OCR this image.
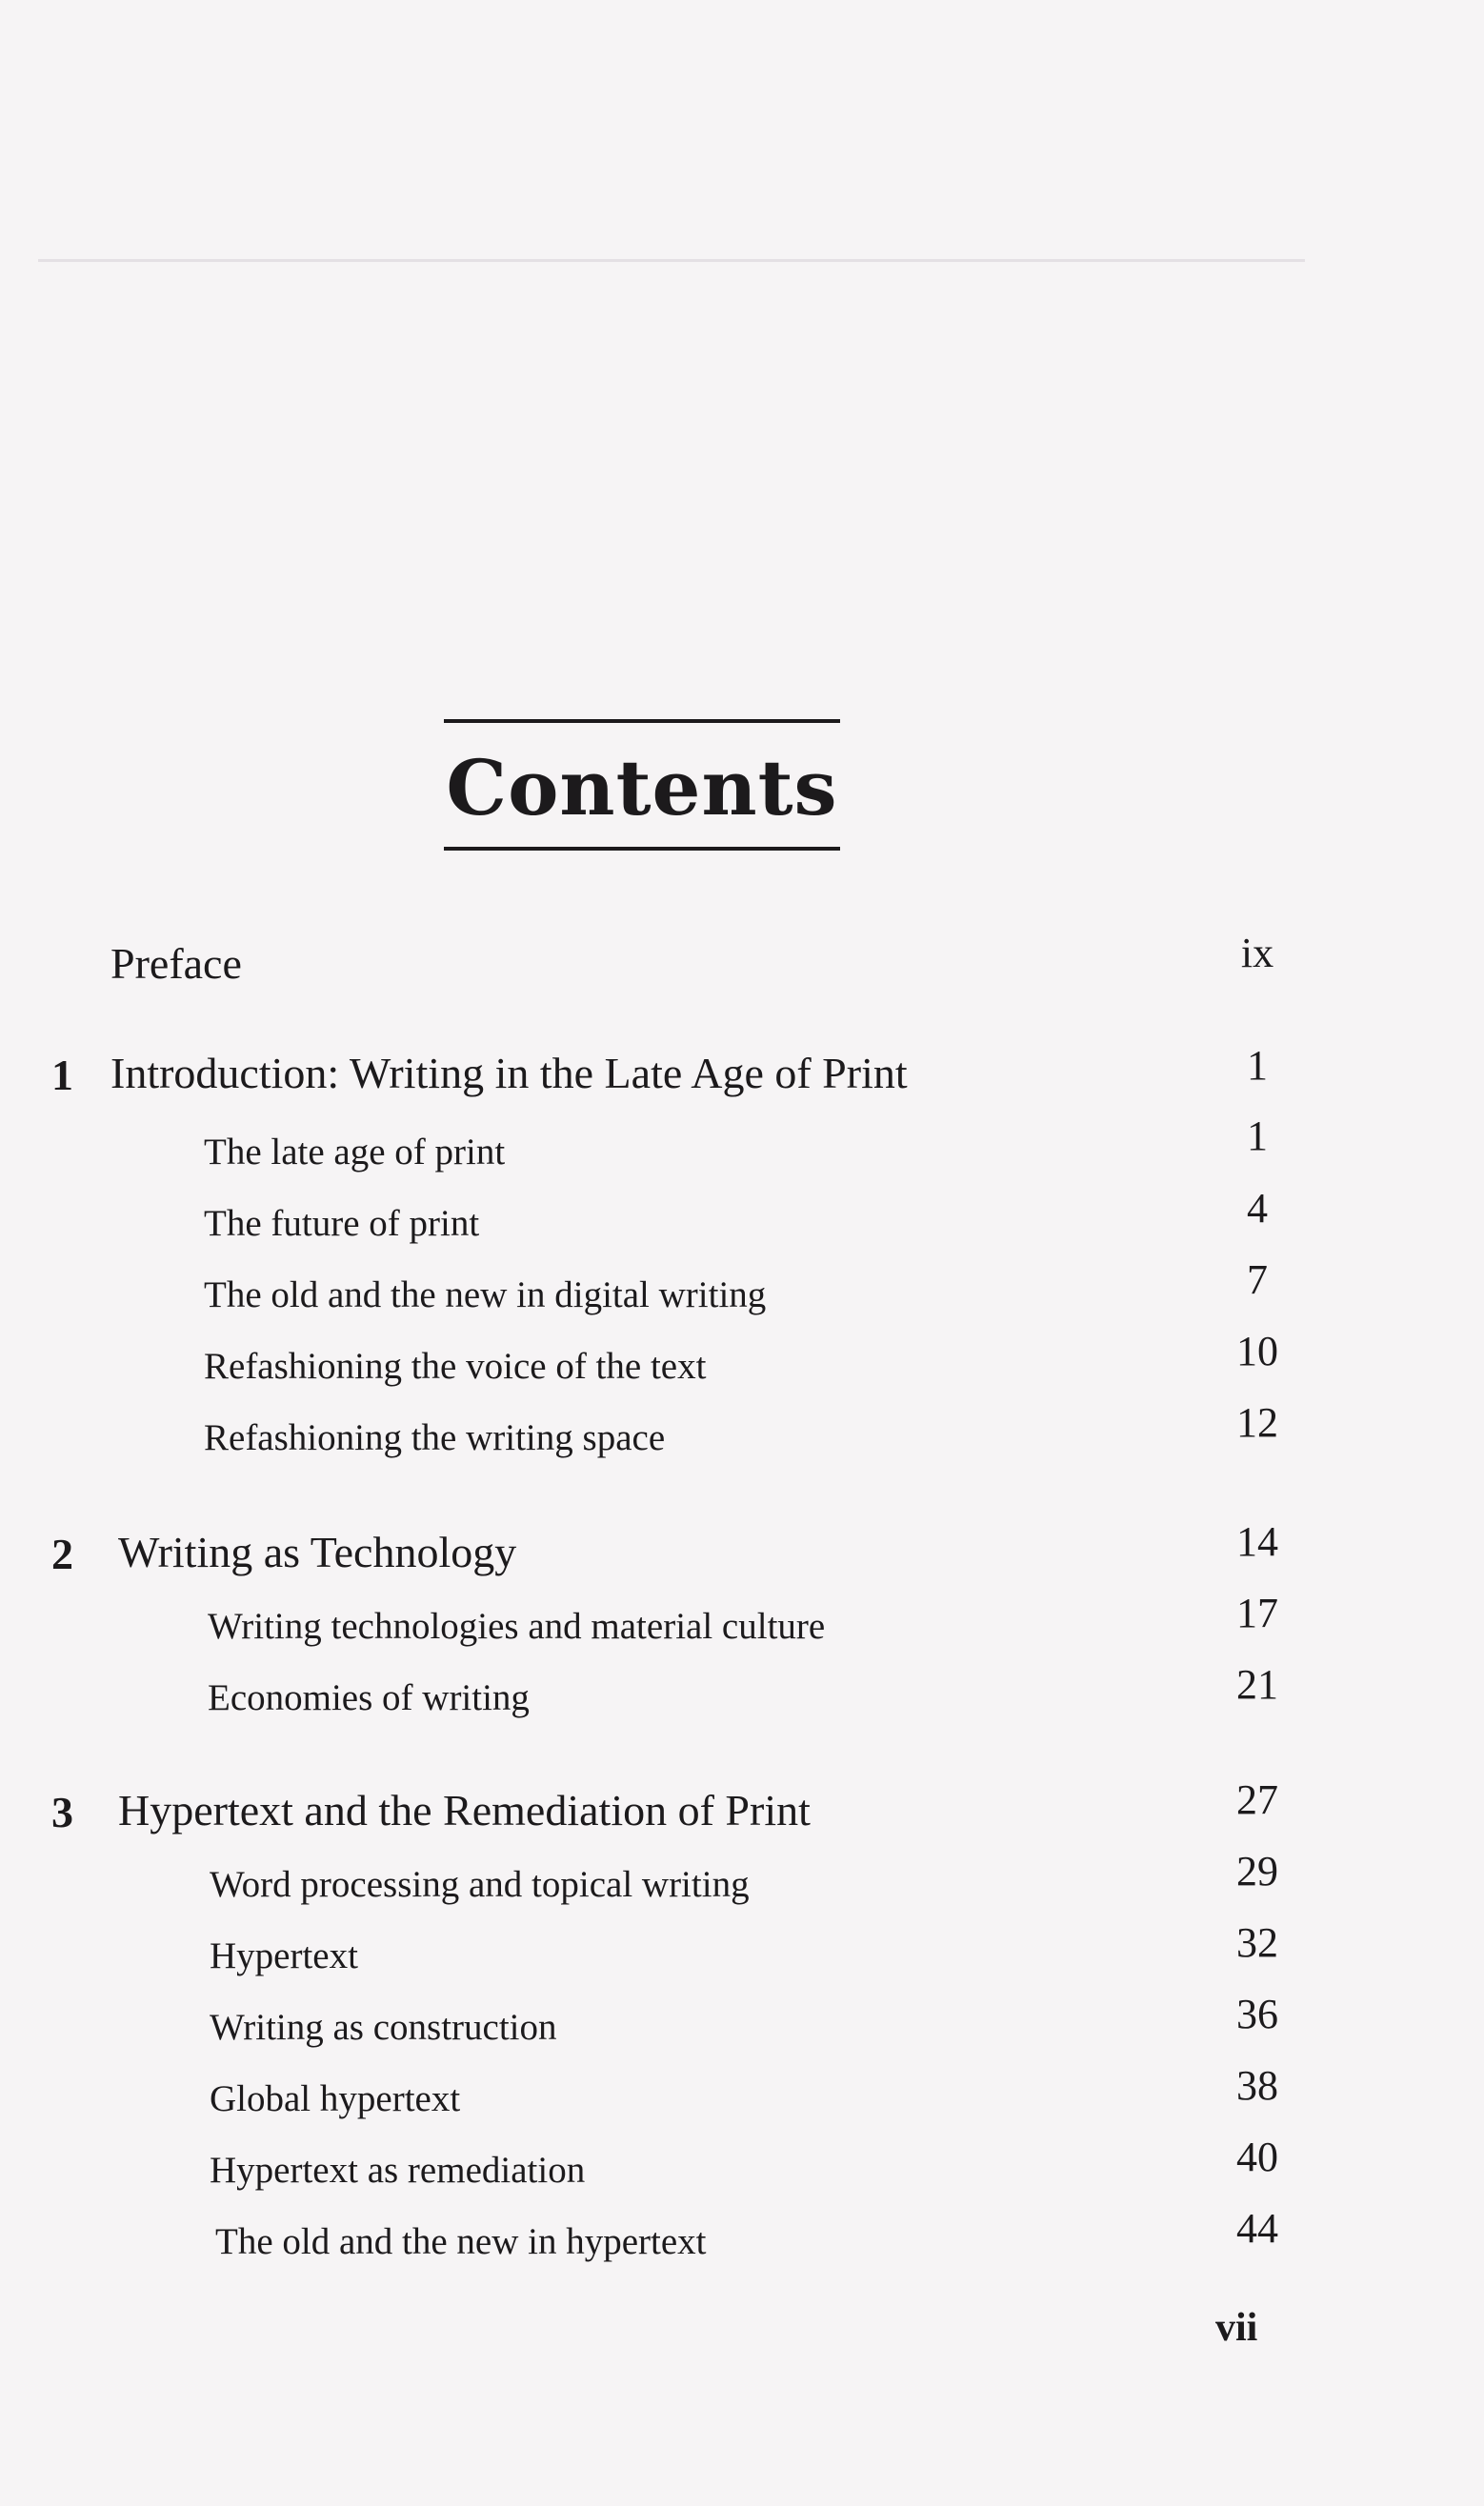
Contents
Preface	ix
1 Introduction: Writing in the Late Age of Print	1
The late age of print	1
The future of print	4
The old and the new in digital writing	7
Refashioning the voice of the text	10
Refashioning the writing space	12
2 Writing as Technology	14
Writing technologies and material culture	17
Economies of writing	21
3 Hypertext and the Remediation of Print	27
Word processing and topical writing	29
Hypertext	32
Writing as construction	36
Global hypertext	38
Hypertext as remediation	40
The old and the new in hypertext	44
vii
